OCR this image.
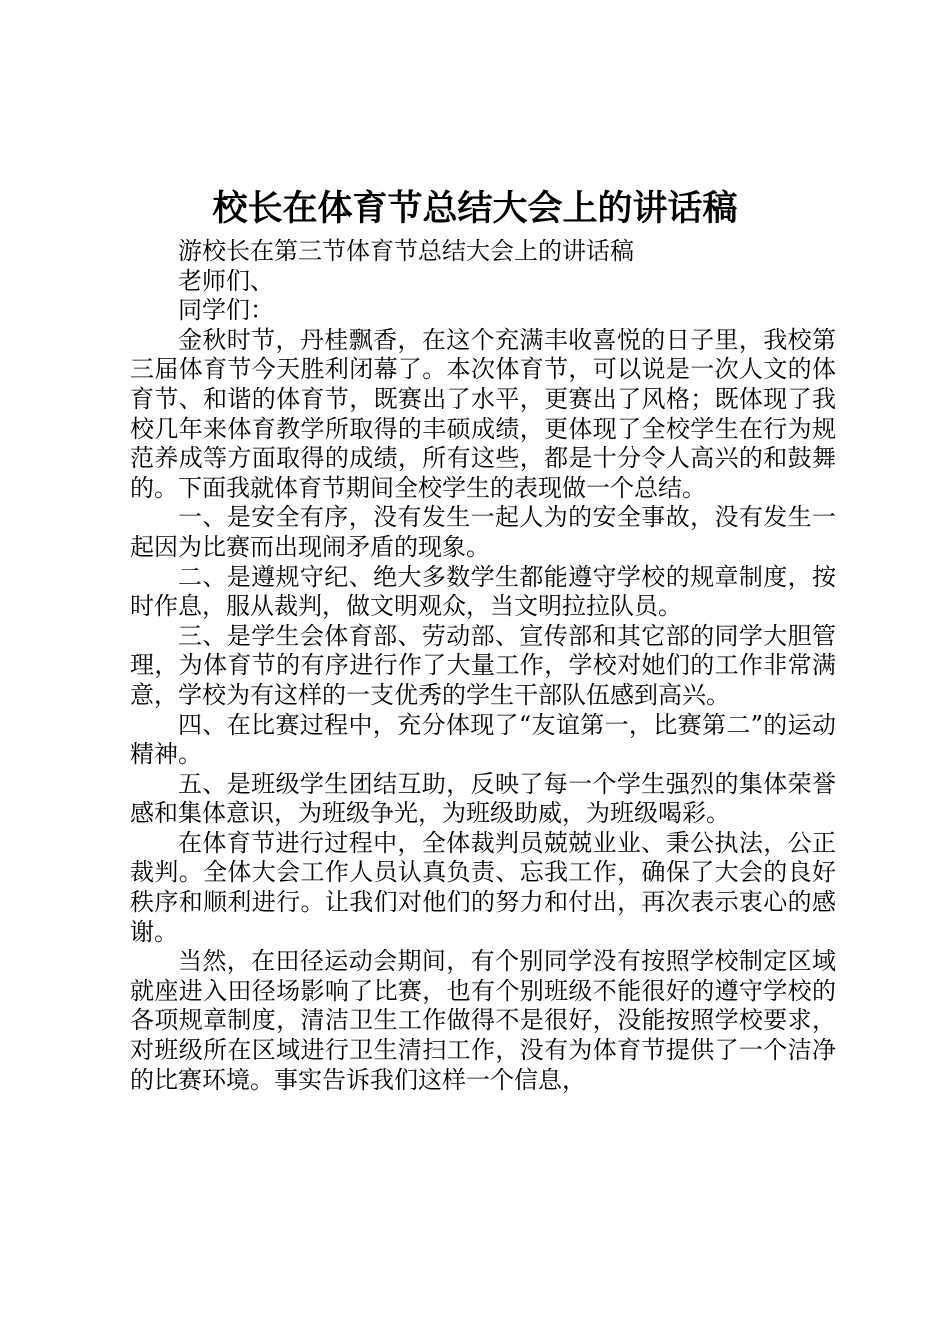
校长在体育节总结大会上的讲话稿

游校长在第三节体育节总结大会上的讲话稿

老师们、

同学们：

金秋时节，丹桂飘香，在这个充满丰收喜悦的日子里，我校第三届体育节今天胜利闭幕了。本次体育节，可以说是一次人文的体育节、和谐的体育节，既赛出了水平，更赛出了风格；既体现了我校几年来体育教学所取得的丰硕成绩，更体现了全校学生在行为规范养成等方面取得的成绩，所有这些，都是十分令人高兴的和鼓舞的。下面我就体育节期间全校学生的表现做一个总结。

一、是安全有序，没有发生一起人为的安全事故，没有发生一起因为比赛而出现闹矛盾的现象。

二、是遵规守纪、绝大多数学生都能遵守学校的规章制度，按时作息，服从裁判，做文明观众，当文明拉拉队员。

三、是学生会体育部、劳动部、宣传部和其它部的同学大胆管理，为体育节的有序进行作了大量工作，学校对她们的工作非常满意，学校为有这样的一支优秀的学生干部队伍感到高兴。

四、在比赛过程中，充分体现了“友谊第一，比赛第二”的运动精神。

五、是班级学生团结互助，反映了每一个学生强烈的集体荣誉感和集体意识，为班级争光，为班级助威，为班级喝彩。

在体育节进行过程中，全体裁判员兢兢业业、秉公执法，公正裁判。全体大会工作人员认真负责、忘我工作，确保了大会的良好秩序和顺利进行。让我们对他们的努力和付出，再次表示衷心的感谢。

当然，在田径运动会期间，有个别同学没有按照学校制定区域就座进入田径场影响了比赛，也有个别班级不能很好的遵守学校的各项规章制度，清洁卫生工作做得不是很好，没能按照学校要求，对班级所在区域进行卫生清扫工作，没有为体育节提供了一个洁净的比赛环境。事实告诉我们这样一个信息，
